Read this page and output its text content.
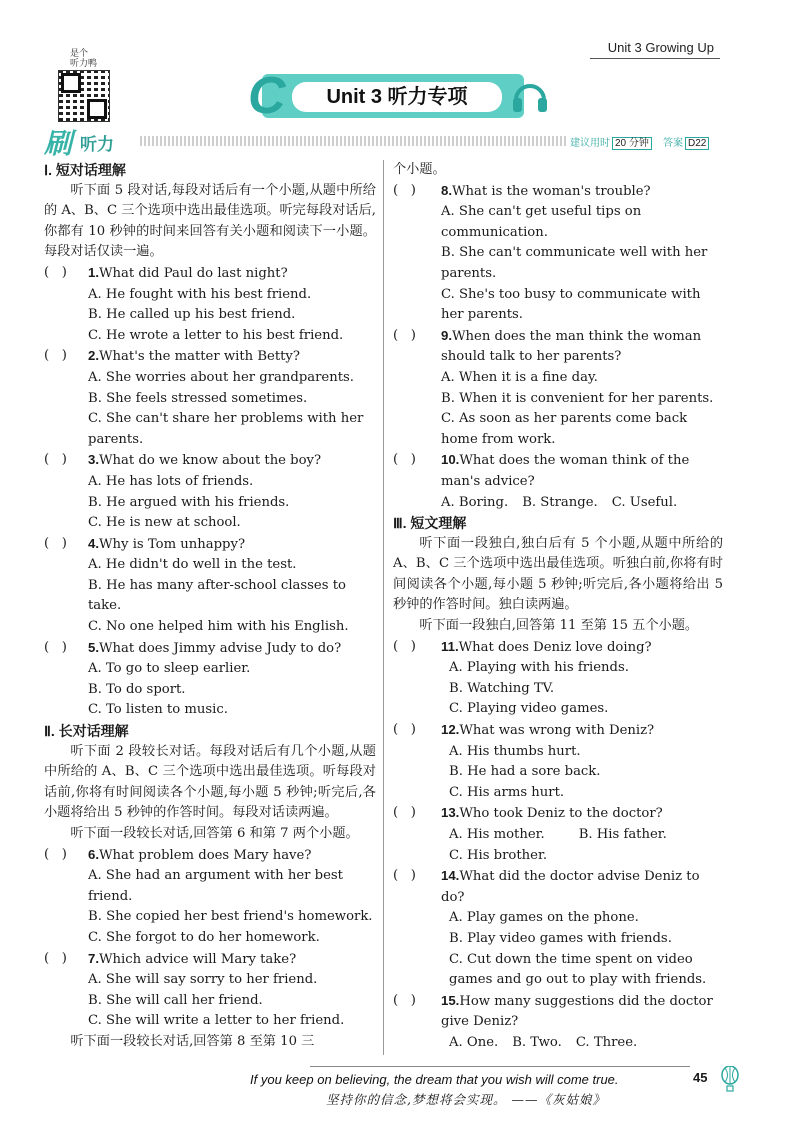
Unit 3 Growing Up
是个
听力鸭
C	Unit 3 听力专项
刷 听力	建议用时 20 分钟	答案 D22
Ⅰ. 短对话理解
听下面 5 段对话,每段对话后有一个小题,从题中所给的 A、B、C 三个选项中选出最佳选项。听完每段对话后,你都有 10 秒钟的时间来回答有关小题和阅读下一小题。每段对话仅读一遍。
(   ) 1.What did Paul do last night?
A. He fought with his best friend.
B. He called up his best friend.
C. He wrote a letter to his best friend.
(   ) 2.What's the matter with Betty?
A. She worries about her grandparents.
B. She feels stressed sometimes.
C. She can't share her problems with her parents.
(   ) 3.What do we know about the boy?
A. He has lots of friends.
B. He argued with his friends.
C. He is new at school.
(   ) 4.Why is Tom unhappy?
A. He didn't do well in the test.
B. He has many after-school classes to take.
C. No one helped him with his English.
(   ) 5.What does Jimmy advise Judy to do?
A. To go to sleep earlier.
B. To do sport.
C. To listen to music.
Ⅱ. 长对话理解
听下面 2 段较长对话。每段对话后有几个小题,从题中所给的 A、B、C 三个选项中选出最佳选项。听每段对话前,你将有时间阅读各个小题,每小题 5 秒钟;听完后,各小题将给出 5 秒钟的作答时间。每段对话读两遍。
听下面一段较长对话,回答第 6 和第 7 两个小题。
(   ) 6.What problem does Mary have?
A. She had an argument with her best friend.
B. She copied her best friend's homework.
C. She forgot to do her homework.
(   ) 7.Which advice will Mary take?
A. She will say sorry to her friend.
B. She will call her friend.
C. She will write a letter to her friend.
听下面一段较长对话,回答第 8 至第 10 三
个小题。
(   ) 8.What is the woman's trouble?
A. She can't get useful tips on communication.
B. She can't communicate well with her parents.
C. She's too busy to communicate with her parents.
(   ) 9.When does the man think the woman should talk to her parents?
A. When it is a fine day.
B. When it is convenient for her parents.
C. As soon as her parents come back home from work.
(   ) 10.What does the woman think of the man's advice?
A. Boring. B. Strange. C. Useful.
Ⅲ. 短文理解
听下面一段独白,独白后有 5 个小题,从题中所给的 A、B、C 三个选项中选出最佳选项。听独白前,你将有时间阅读各个小题,每小题 5 秒钟;听完后,各小题将给出 5 秒钟的作答时间。独白读两遍。
听下面一段独白,回答第 11 至第 15 五个小题。
(   ) 11.What does Deniz love doing?
A. Playing with his friends.
B. Watching TV.
C. Playing video games.
(   ) 12.What was wrong with Deniz?
A. His thumbs hurt.
B. He had a sore back.
C. His arms hurt.
(   ) 13.Who took Deniz to the doctor?
A. His mother.	B. His father.
C. His brother.
(   ) 14.What did the doctor advise Deniz to do?
A. Play games on the phone.
B. Play video games with friends.
C. Cut down the time spent on video games and go out to play with friends.
(   ) 15.How many suggestions did the doctor give Deniz?
A. One. B. Two. C. Three.
If you keep on believing, the dream that you wish will come true.
坚持你的信念,梦想将会实现。 ——《灰姑娘》
45
